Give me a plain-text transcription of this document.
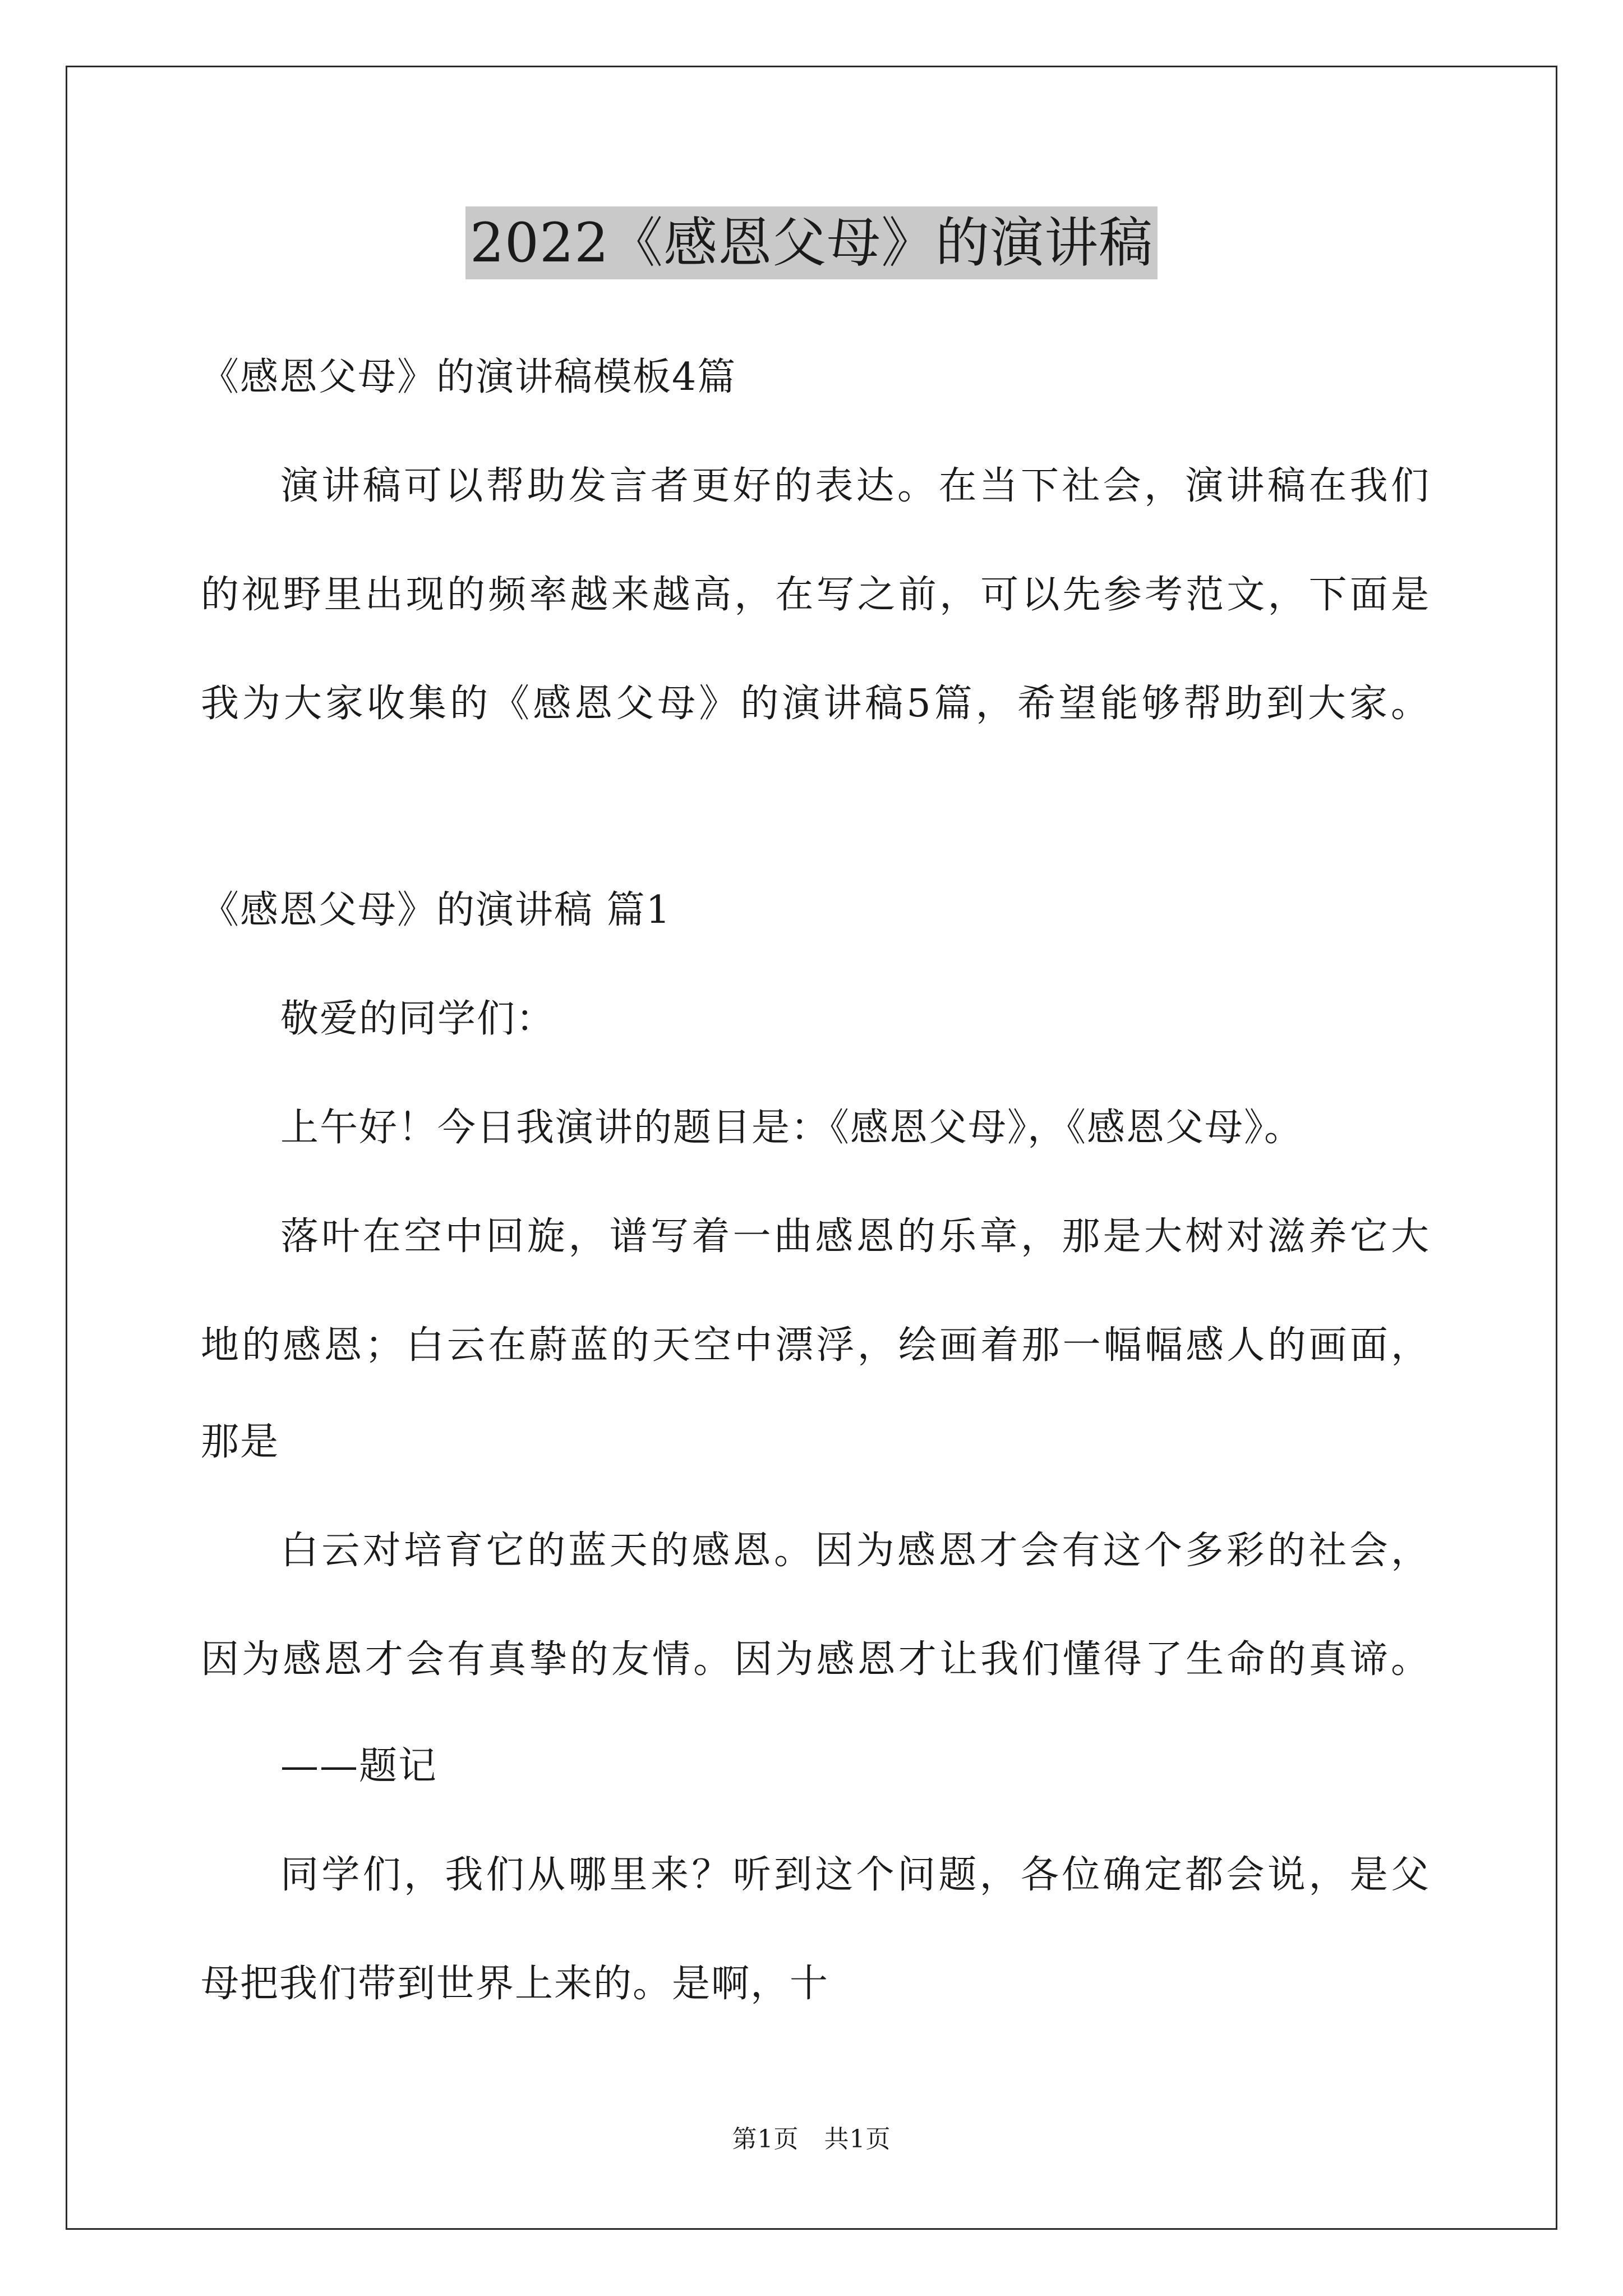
2022《感恩父母》的演讲稿
《感恩父母》的演讲稿模板4篇
演讲稿可以帮助发言者更好的表达。在当下社会，演讲稿在我们
的视野里出现的频率越来越高，在写之前，可以先参考范文，下面是
我为大家收集的《感恩父母》的演讲稿5篇，希望能够帮助到大家。
《感恩父母》的演讲稿 篇1
敬爱的同学们：
上午好！今日我演讲的题目是：《感恩父母》，《感恩父母》。
落叶在空中回旋，谱写着一曲感恩的乐章，那是大树对滋养它大
地的感恩；白云在蔚蓝的天空中漂浮，绘画着那一幅幅感人的画面，
那是
白云对培育它的蓝天的感恩。因为感恩才会有这个多彩的社会，
因为感恩才会有真挚的友情。因为感恩才让我们懂得了生命的真谛。
——题记
同学们，我们从哪里来？听到这个问题，各位确定都会说，是父
母把我们带到世界上来的。是啊，十
第1页　共1页
